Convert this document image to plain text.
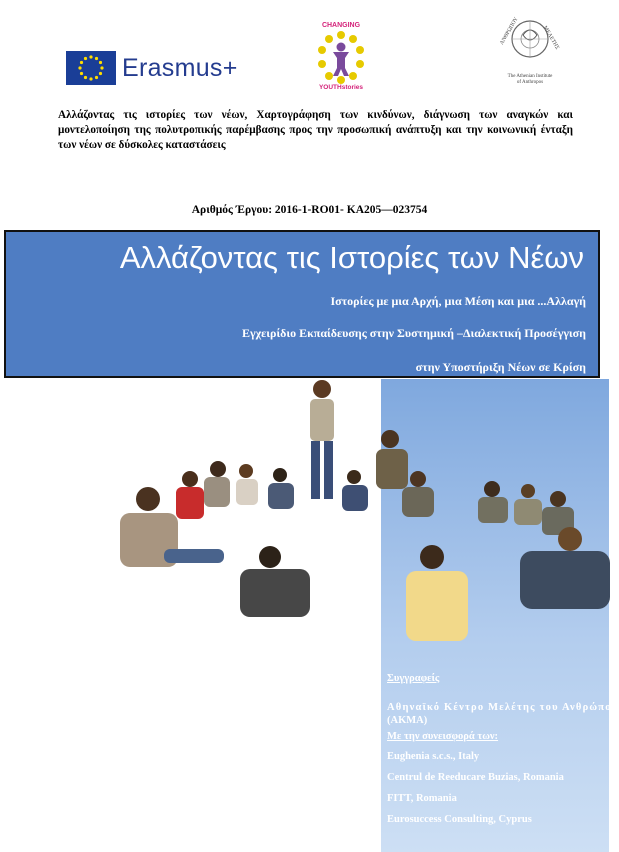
Erasmus+
CHANGING
YOUTHstories
ΑΝΘΡΩΠΟΥ	ΜΕΛΕΤΗΣ
The Athenian Institute
of Anthropos
Αλλάζοντας τις ιστορίες των νέων, Χαρτογράφηση των κινδύνων, διάγνωση των αναγκών και μοντελοποίηση της πολυτροπικής παρέμβασης προς την προσωπική ανάπτυξη και την κοινωνική ένταξη των νέων σε δύσκολες καταστάσεις
Αριθμός Έργου: 2016-1-RO01- KA205—023754
Αλλάζοντας τις Ιστορίες των Νέων
Ιστορίες με μια Αρχή, μια Μέση και μια ...Αλλαγή
Εγχειρίδιο Εκπαίδευσης στην Συστημική –Διαλεκτική Προσέγγιση
στην Υποστήριξη Νέων σε Κρίση
Συγγραφείς
Αθηναϊκό Κέντρο Μελέτης του Ανθρώπου
(ΑΚΜΑ)
Με την συνεισφορά των:
Eughenia s.c.s., Italy
Centrul de Reeducare Buzias, Romania
FITT, Romania
Eurosuccess Consulting, Cyprus
